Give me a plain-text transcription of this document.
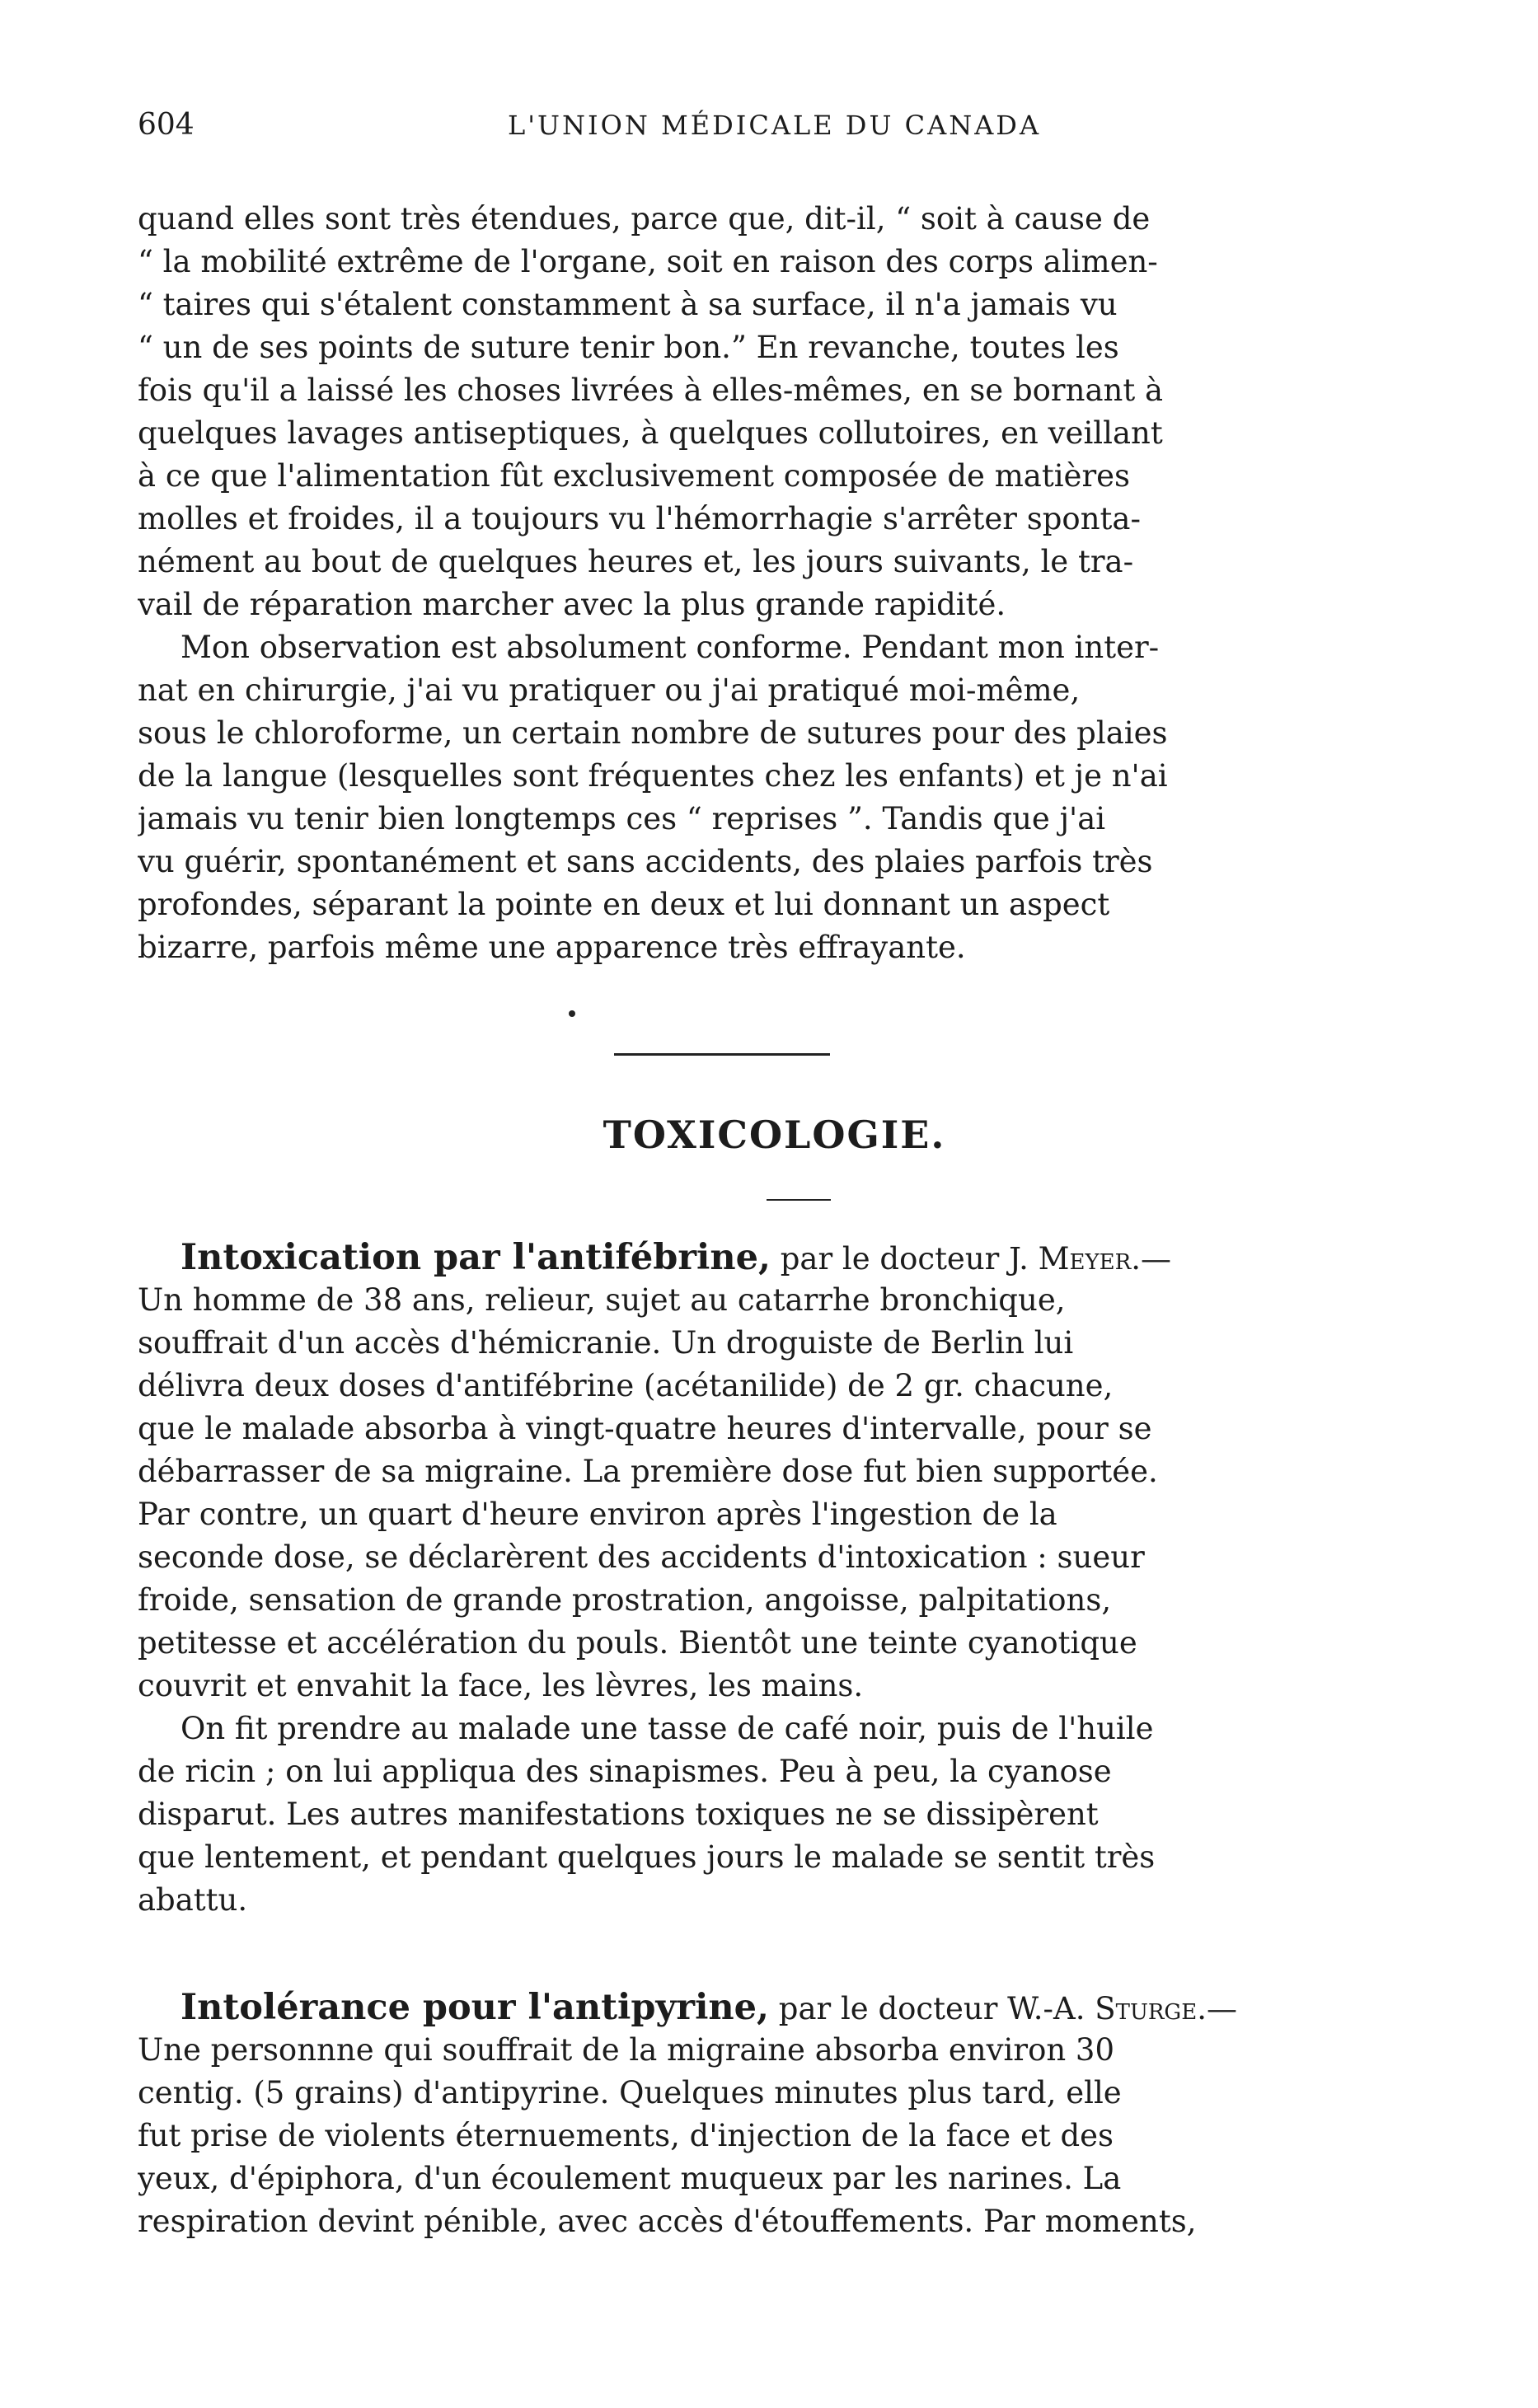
604	L'UNION MÉDICALE DU CANADA
quand elles sont très étendues, parce que, dit-il, “ soit à cause de
“ la mobilité extrême de l'organe, soit en raison des corps alimen-
“ taires qui s'étalent constamment à sa surface, il n'a jamais vu
“ un de ses points de suture tenir bon.” En revanche, toutes les
fois qu'il a laissé les choses livrées à elles-mêmes, en se bornant à
quelques lavages antiseptiques, à quelques collutoires, en veillant
à ce que l'alimentation fût exclusivement composée de matières
molles et froides, il a toujours vu l'hémorrhagie s'arrêter sponta-
nément au bout de quelques heures et, les jours suivants, le tra-
vail de réparation marcher avec la plus grande rapidité.
Mon observation est absolument conforme. Pendant mon inter-
nat en chirurgie, j'ai vu pratiquer ou j'ai pratiqué moi-même,
sous le chloroforme, un certain nombre de sutures pour des plaies
de la langue (lesquelles sont fréquentes chez les enfants) et je n'ai
jamais vu tenir bien longtemps ces “ reprises ”. Tandis que j'ai
vu guérir, spontanément et sans accidents, des plaies parfois très
profondes, séparant la pointe en deux et lui donnant un aspect
bizarre, parfois même une apparence très effrayante.
TOXICOLOGIE.
Intoxication par l'antifébrine, par le docteur J. Meyer.—
Un homme de 38 ans, relieur, sujet au catarrhe bronchique,
souffrait d'un accès d'hémicranie. Un droguiste de Berlin lui
délivra deux doses d'antifébrine (acétanilide) de 2 gr. chacune,
que le malade absorba à vingt-quatre heures d'intervalle, pour se
débarrasser de sa migraine. La première dose fut bien supportée.
Par contre, un quart d'heure environ après l'ingestion de la
seconde dose, se déclarèrent des accidents d'intoxication : sueur
froide, sensation de grande prostration, angoisse, palpitations,
petitesse et accélération du pouls. Bientôt une teinte cyanotique
couvrit et envahit la face, les lèvres, les mains.
On fit prendre au malade une tasse de café noir, puis de l'huile
de ricin ; on lui appliqua des sinapismes. Peu à peu, la cyanose
disparut. Les autres manifestations toxiques ne se dissipèrent
que lentement, et pendant quelques jours le malade se sentit très
abattu.
Intolérance pour l'antipyrine, par le docteur W.-A. Sturge.—
Une personnne qui souffrait de la migraine absorba environ 30
centig. (5 grains) d'antipyrine. Quelques minutes plus tard, elle
fut prise de violents éternuements, d'injection de la face et des
yeux, d'épiphora, d'un écoulement muqueux par les narines. La
respiration devint pénible, avec accès d'étouffements. Par moments,
